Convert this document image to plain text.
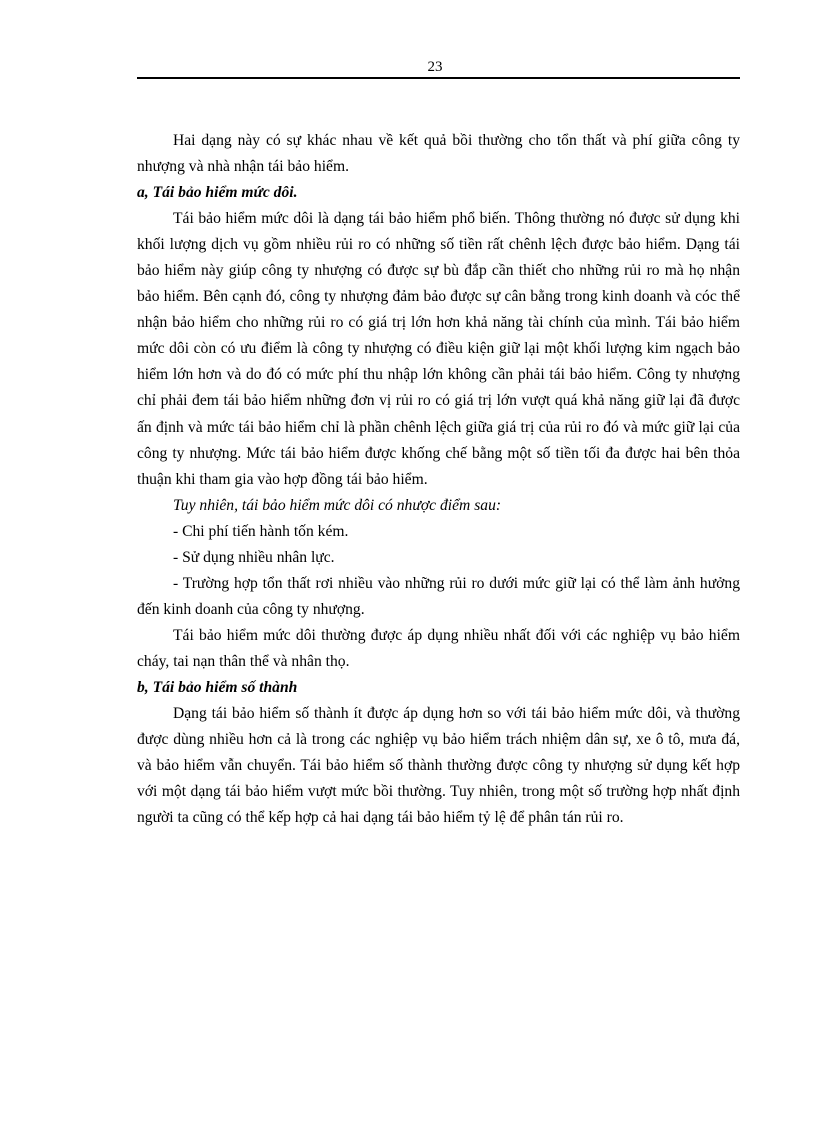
23

Hai dạng này có sự khác nhau về kết quả bồi thường cho tổn thất và phí giữa công ty nhượng và nhà nhận tái bảo hiểm.

a, Tái bảo hiểm mức dôi.

Tái bảo hiểm mức dôi là dạng tái bảo hiểm phổ biến. Thông thường nó được sử dụng khi khối lượng dịch vụ gồm nhiều rủi ro có những số tiền rất chênh lệch được bảo hiểm. Dạng tái bảo hiểm này giúp công ty nhượng có được sự bù đắp cần thiết cho những rủi ro mà họ nhận bảo hiểm. Bên cạnh đó, công ty nhượng đảm bảo được sự cân bằng trong kinh doanh và cóc thể nhận bảo hiểm cho những rủi ro có giá trị lớn hơn khả năng tài chính của mình. Tái bảo hiểm mức dôi còn có ưu điểm là công ty nhượng có điều kiện giữ lại một khối lượng kim ngạch bảo hiểm lớn hơn và do đó có mức phí thu nhập lớn không cần phải tái bảo hiểm. Công ty nhượng chỉ phải đem tái bảo hiểm những đơn vị rủi ro có giá trị lớn vượt quá khả năng giữ lại đã được ấn định và mức tái bảo hiểm chỉ là phần chênh lệch giữa giá trị của rủi ro đó và mức giữ lại của công ty nhượng. Mức tái bảo hiểm được khống chế bằng một số tiền tối đa được hai bên thỏa thuận khi tham gia vào hợp đồng tái bảo hiểm.

Tuy nhiên, tái bảo hiểm mức dôi có nhược điểm sau:

- Chi phí tiến hành tốn kém.

- Sử dụng nhiều nhân lực.

- Trường hợp tổn thất rơi nhiều vào những rủi ro dưới mức giữ lại có thể làm ảnh hưởng đến kinh doanh của công ty nhượng.

Tái bảo hiểm mức dôi thường được áp dụng nhiều nhất đối với các nghiệp vụ bảo hiểm cháy, tai nạn thân thể và nhân thọ.

b, Tái bảo hiểm số thành

Dạng tái bảo hiểm số thành ít được áp dụng hơn so với tái bảo hiểm mức dôi, và thường được dùng nhiều hơn cả là trong các nghiệp vụ bảo hiểm trách nhiệm dân sự, xe ô tô, mưa đá, và bảo hiểm vẫn chuyển. Tái bảo hiểm số thành thường được công ty nhượng sử dụng kết hợp với một dạng tái bảo hiểm vượt mức bồi thường. Tuy nhiên, trong một số trường hợp nhất định người ta cũng có thể kếp hợp cả hai dạng tái bảo hiểm tỷ lệ để phân tán rủi ro.
